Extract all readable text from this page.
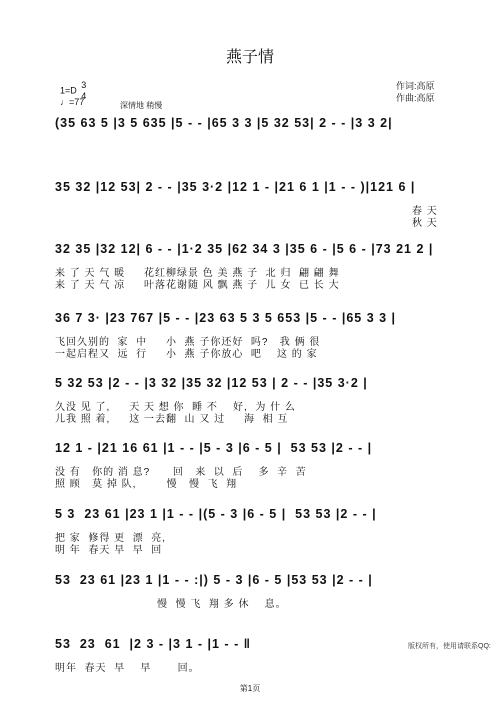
燕子情
1=D 3
4
♩=77	深情地 稍慢
作词:高原
作曲:高原
(35 63 5 |3 5 635 |5 - - |65 3 3 |5 32 53| 2 - - |3 3 2|
35 32 |12 53| 2 - - |35 3·2 |12 1 - |21 6 1 |1 - - )|121 6 |
春 天
秋 天
32 35 |32 12| 6 - - |1·2 35 |62 34 3 |35 6 - |5 6 - |73 21 2 |
来 了 天 气 暖     花红柳绿景 色 美 燕 子  北 归  翩 翩 舞
来 了 天 气 凉     叶落花谢随 风 飘 燕 子  儿 女  已 长 大
36 7 3· |23 767 |5 - - |23 63 5 3 5 653 |5 - - |65 3 3 |
飞回久别的  家  中     小  燕 子你还好  吗?   我 俩 很
一起启程又  远  行     小  燕 子你放心  吧    这 的 家
5 32 53 |2 - - |3 32 |35 32 |12 53 | 2 - - |35 3·2 |
久没 见 了,     天 天 想 你  睡 不    好,  为 什 么
儿我 照 着,     这 一去翻  山 又 过     海  相 互
12 1 - |21 16 61 |1 - - |5 - 3 |6 - 5 |  53 53 |2 - - |
没 有   你的 消 息?      回   来  以  后    多  辛  苦
照 顾   莫 掉 队,        慢   慢  飞  翔
5 3  23 61 |23 1 |1 - - |(5 - 3 |6 - 5 |  53 53 |2 - - |
把 家  修得 更  漂  亮,
明 年  春天 早  早  回
53  23 61 |23 1 |1 - - :|) 5 - 3 |6 - 5 |53 53 |2 - - |
慢  慢 飞  翔 多 休    息。
53  23  61  |2 3 - |3 1 - |1 - - ‖
明年  春天  早    早       回。
版权所有，使用请联系QQ:
第1页
